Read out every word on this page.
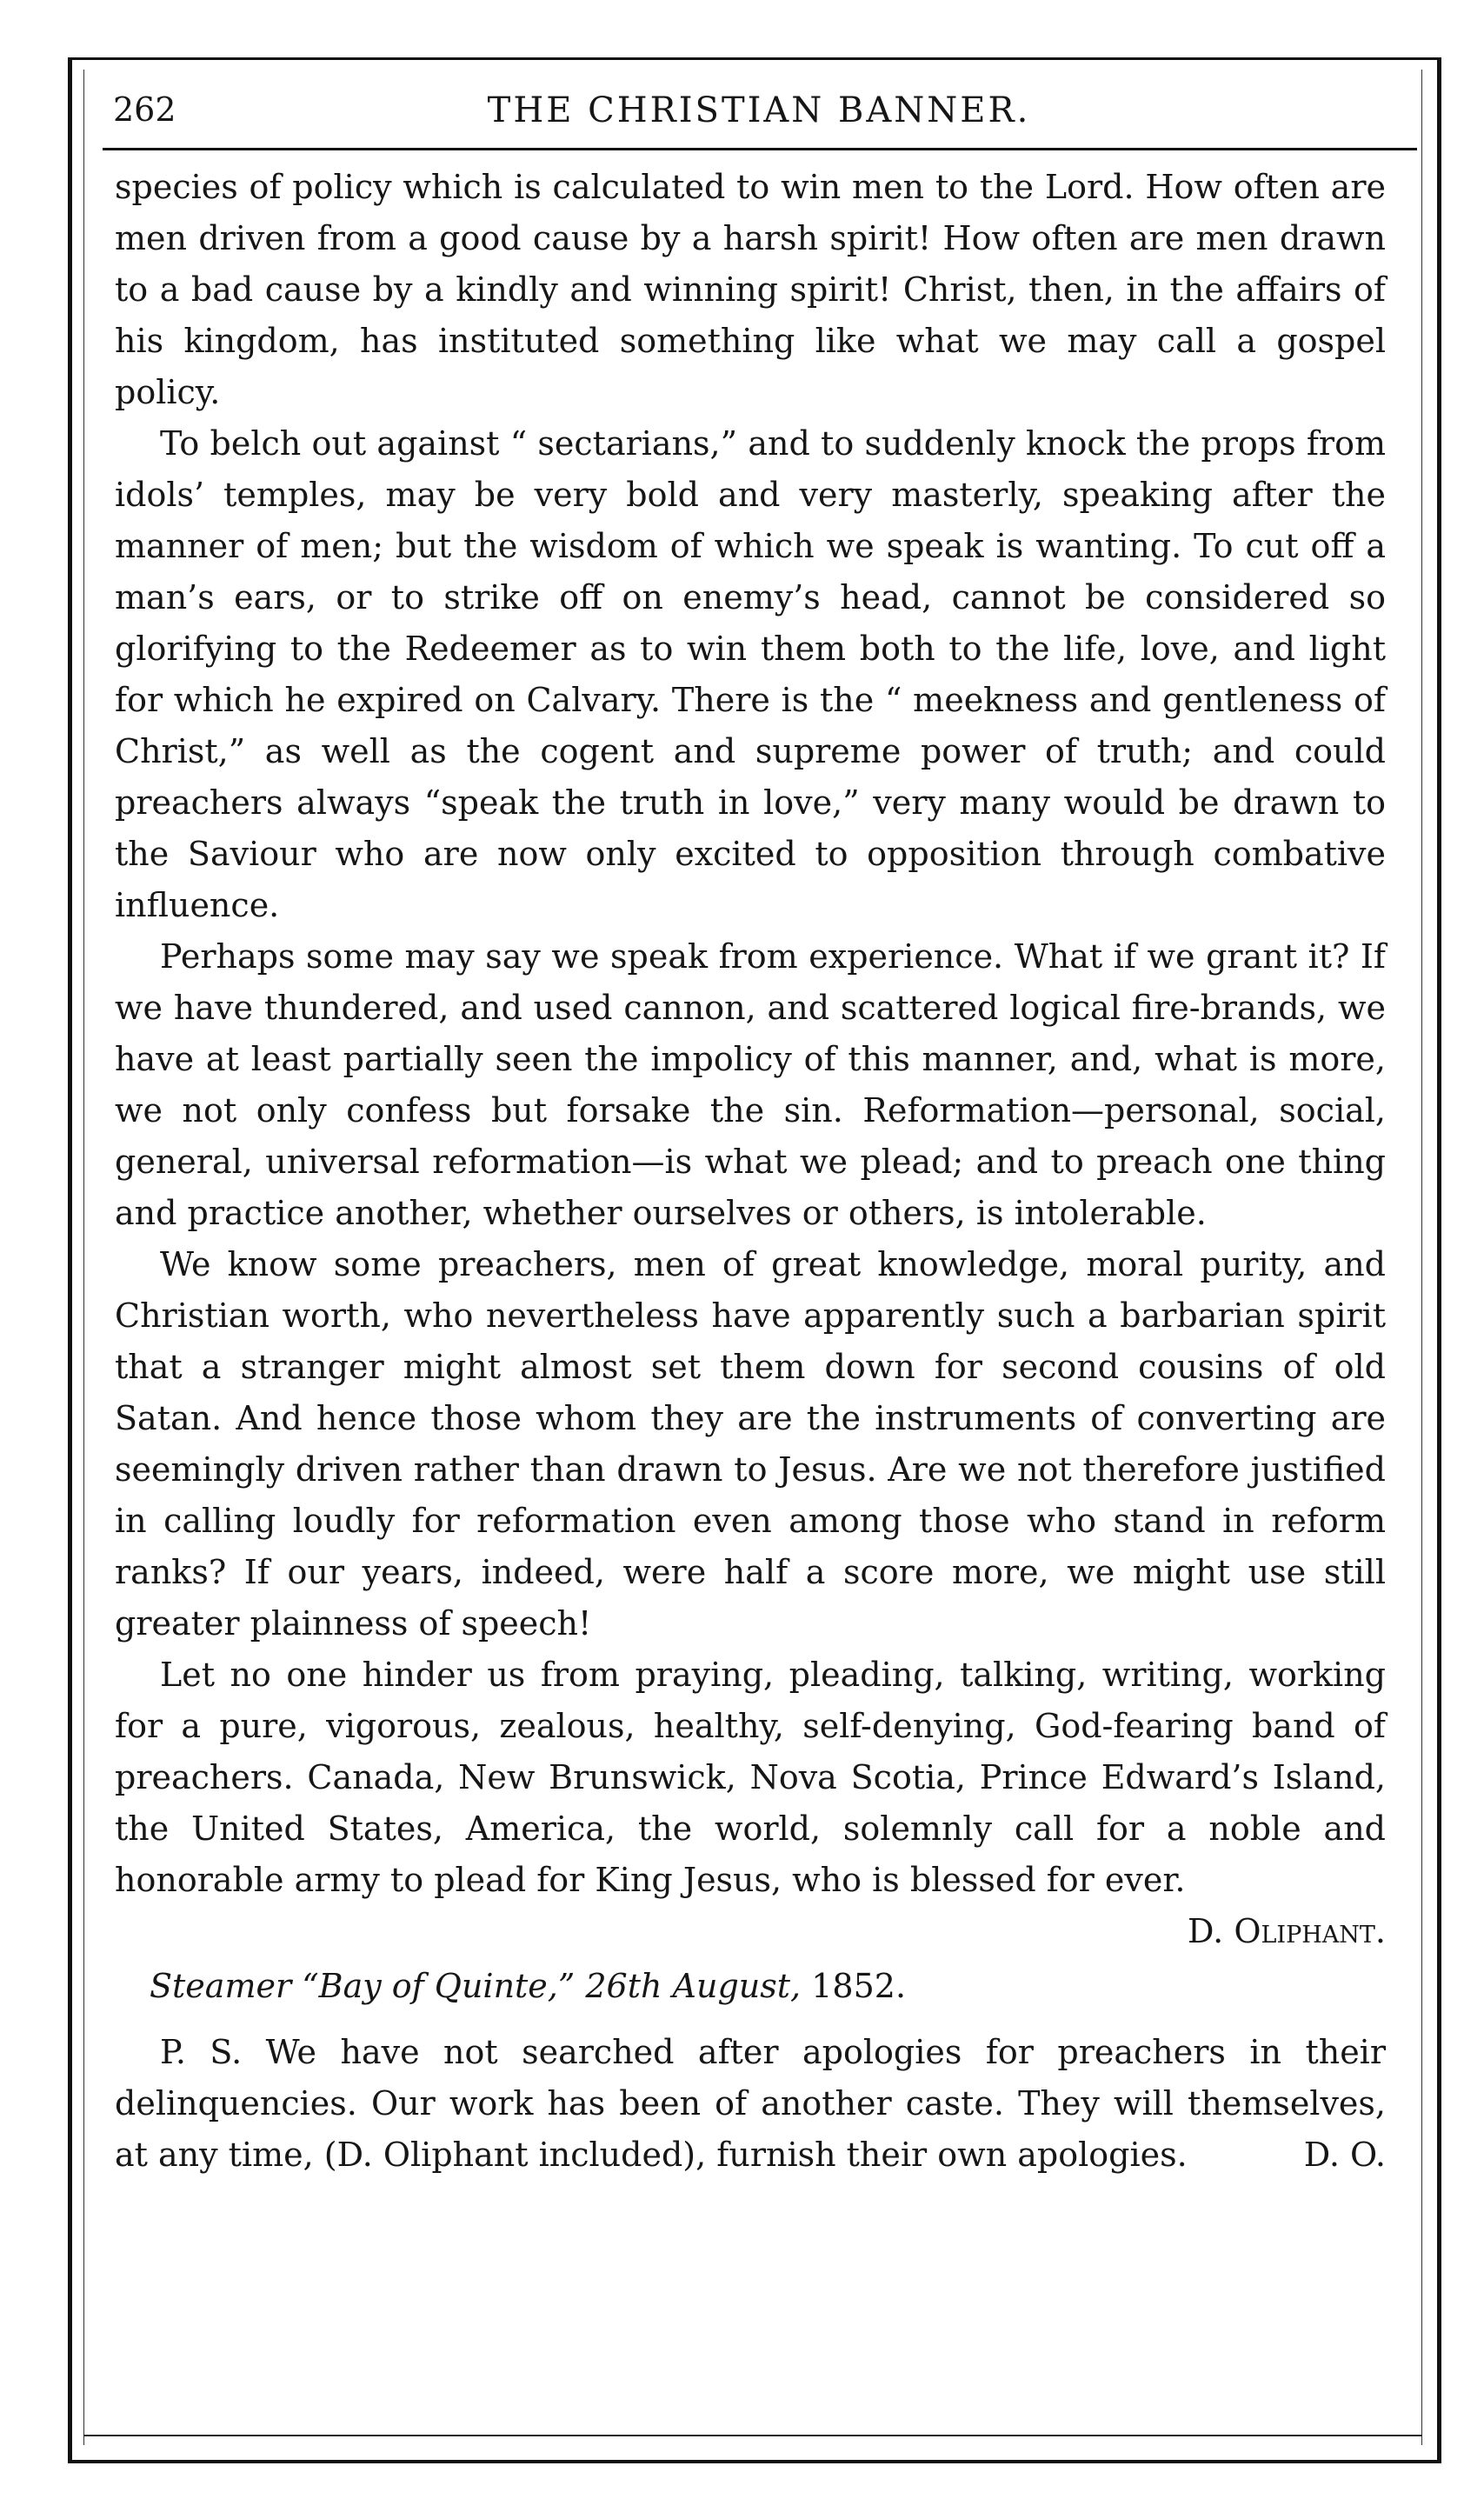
262	THE CHRISTIAN BANNER.

species of policy which is calculated to win men to the Lord. How often are men driven from a good cause by a harsh spirit! How often are men drawn to a bad cause by a kindly and winning spirit! Christ, then, in the affairs of his kingdom, has instituted something like what we may call a gospel policy.

To belch out against “ sectarians,” and to suddenly knock the props from idols’ temples, may be very bold and very masterly, speaking after the manner of men; but the wisdom of which we speak is wanting. To cut off a man’s ears, or to strike off on enemy’s head, cannot be considered so glorifying to the Redeemer as to win them both to the life, love, and light for which he expired on Calvary. There is the “ meekness and gentleness of Christ,” as well as the cogent and supreme power of truth; and could preachers always “speak the truth in love,” very many would be drawn to the Saviour who are now only excited to opposition through combative influence.

Perhaps some may say we speak from experience. What if we grant it? If we have thundered, and used cannon, and scattered logical fire-brands, we have at least partially seen the impolicy of this manner, and, what is more, we not only confess but forsake the sin. Reformation—personal, social, general, universal reformation—is what we plead; and to preach one thing and practice another, whether ourselves or others, is intolerable.

We know some preachers, men of great knowledge, moral purity, and Christian worth, who nevertheless have apparently such a barbarian spirit that a stranger might almost set them down for second cousins of old Satan. And hence those whom they are the instruments of converting are seemingly driven rather than drawn to Jesus. Are we not therefore justified in calling loudly for reformation even among those who stand in reform ranks? If our years, indeed, were half a score more, we might use still greater plainness of speech!

Let no one hinder us from praying, pleading, talking, writing, working for a pure, vigorous, zealous, healthy, self-denying, God-fearing band of preachers. Canada, New Brunswick, Nova Scotia, Prince Edward’s Island, the United States, America, the world, solemnly call for a noble and honorable army to plead for King Jesus, who is blessed for ever.

D. Oliphant.

Steamer “Bay of Quinte,” 26th August, 1852.

P. S. We have not searched after apologies for preachers in their delinquencies. Our work has been of another caste. They will themselves, at any time, (D. Oliphant included), furnish their own apologies.	D. O.
